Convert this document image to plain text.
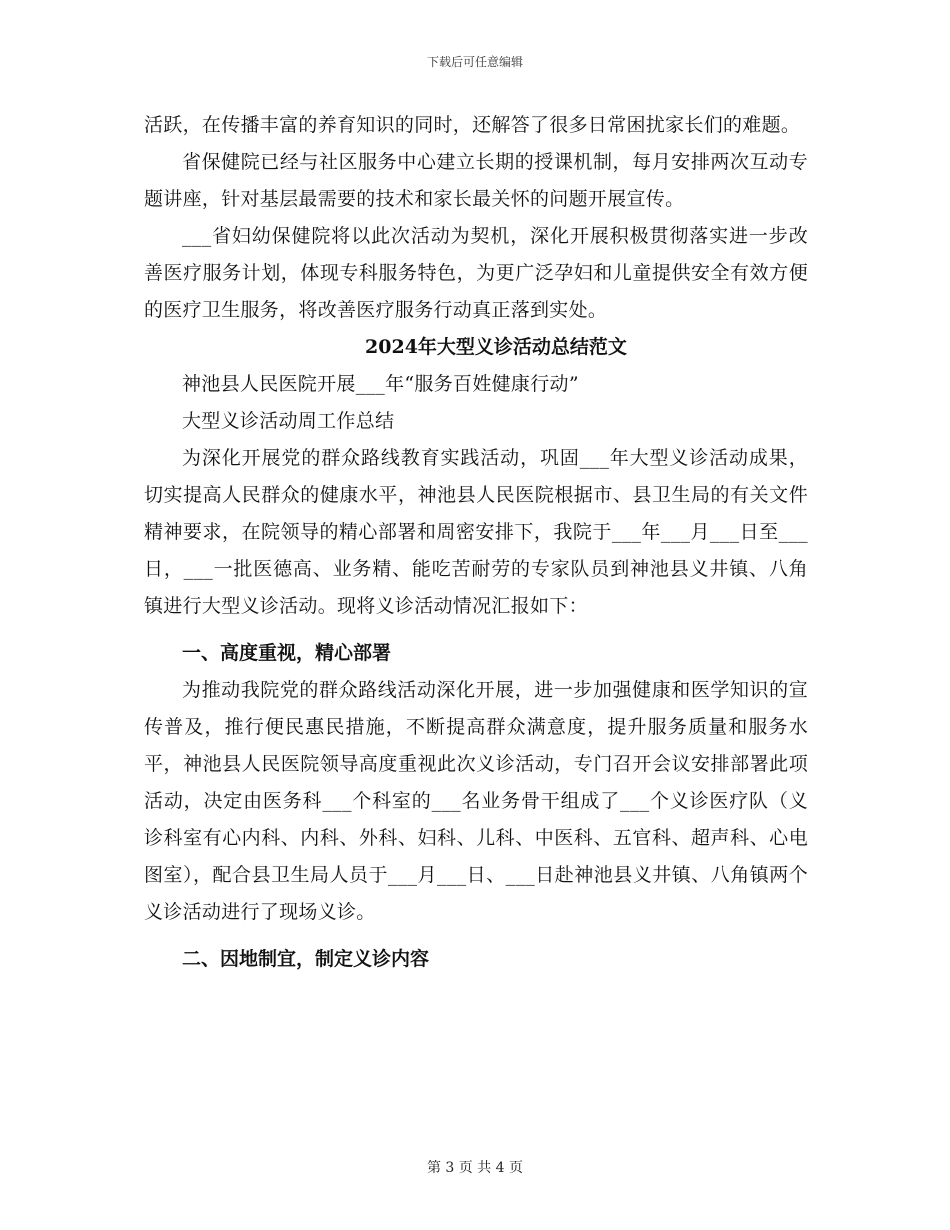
下载后可任意编辑

活跃，在传播丰富的养育知识的同时，还解答了很多日常困扰家长们的难题。

省保健院已经与社区服务中心建立长期的授课机制，每月安排两次互动专题讲座，针对基层最需要的技术和家长最关怀的问题开展宣传。

___省妇幼保健院将以此次活动为契机，深化开展积极贯彻落实进一步改善医疗服务计划，体现专科服务特色，为更广泛孕妇和儿童提供安全有效方便的医疗卫生服务，将改善医疗服务行动真正落到实处。

2024年大型义诊活动总结范文

神池县人民医院开展___年“服务百姓健康行动”

大型义诊活动周工作总结

为深化开展党的群众路线教育实践活动，巩固___年大型义诊活动成果，切实提高人民群众的健康水平，神池县人民医院根据市、县卫生局的有关文件精神要求，在院领导的精心部署和周密安排下，我院于___年___月___日至___日，___一批医德高、业务精、能吃苦耐劳的专家队员到神池县义井镇、八角镇进行大型义诊活动。现将义诊活动情况汇报如下：

一、高度重视，精心部署

为推动我院党的群众路线活动深化开展，进一步加强健康和医学知识的宣传普及，推行便民惠民措施，不断提高群众满意度，提升服务质量和服务水平，神池县人民医院领导高度重视此次义诊活动，专门召开会议安排部署此项活动，决定由医务科___个科室的___名业务骨干组成了___个义诊医疗队（义诊科室有心内科、内科、外科、妇科、儿科、中医科、五官科、超声科、心电图室），配合县卫生局人员于___月___日、___日赴神池县义井镇、八角镇两个义诊活动进行了现场义诊。

二、因地制宜，制定义诊内容

第 3 页 共 4 页
